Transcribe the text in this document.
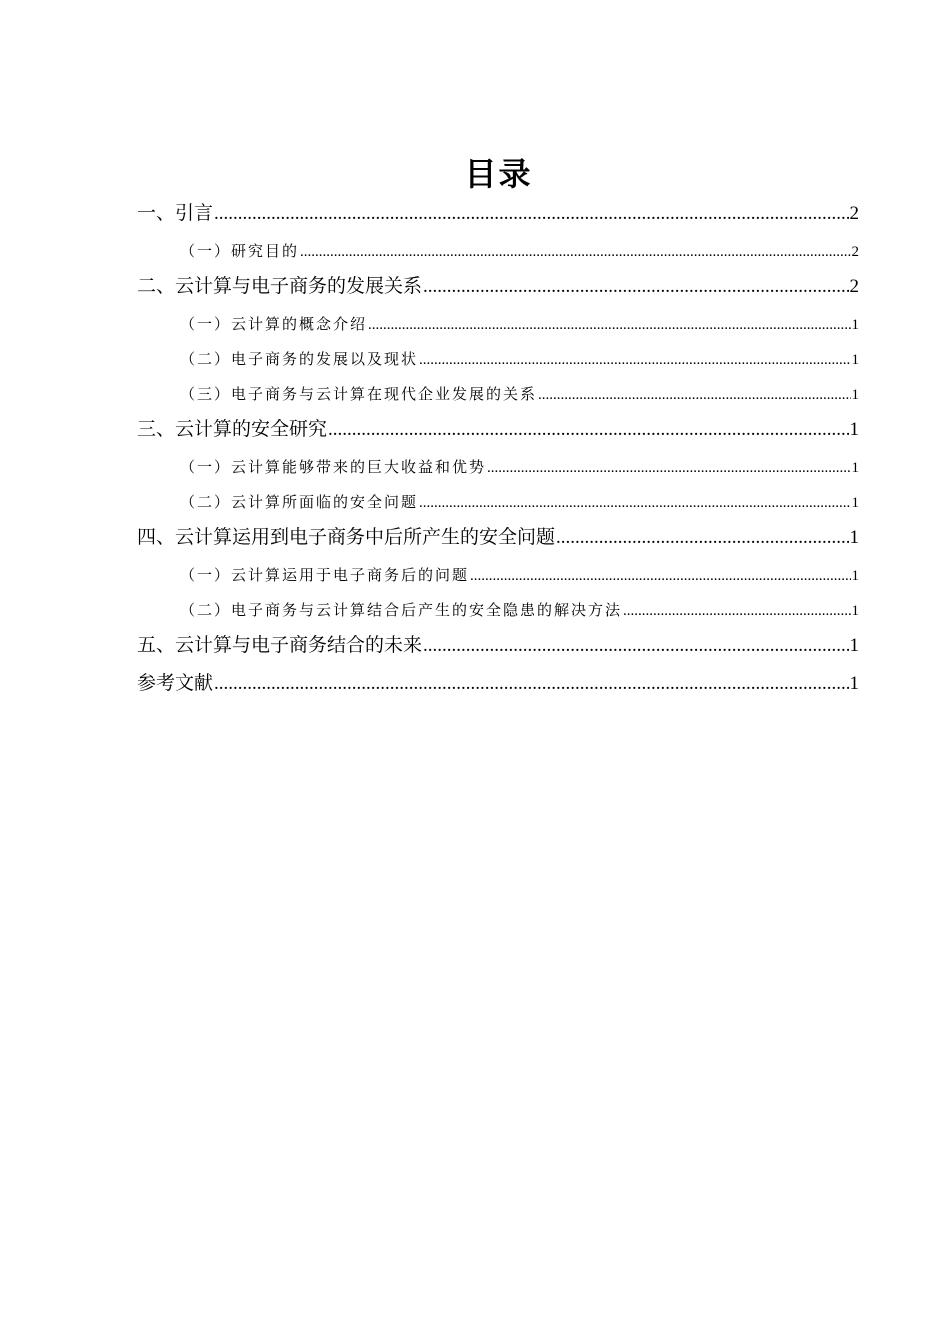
目录
一、引言 .....	2
（一）研究目的 .....	2
二、云计算与电子商务的发展关系 .....	2
（一）云计算的概念介绍 .....	1
（二）电子商务的发展以及现状 .....	1
（三）电子商务与云计算在现代企业发展的关系 .....	1
三、云计算的安全研究 .....	1
（一）云计算能够带来的巨大收益和优势 .....	1
（二）云计算所面临的安全问题 .....	1
四、云计算运用到电子商务中后所产生的安全问题 .....	1
（一）云计算运用于电子商务后的问题 .....	1
（二）电子商务与云计算结合后产生的安全隐患的解决方法 .....	1
五、云计算与电子商务结合的未来 .....	1
参考文献 .....	1
